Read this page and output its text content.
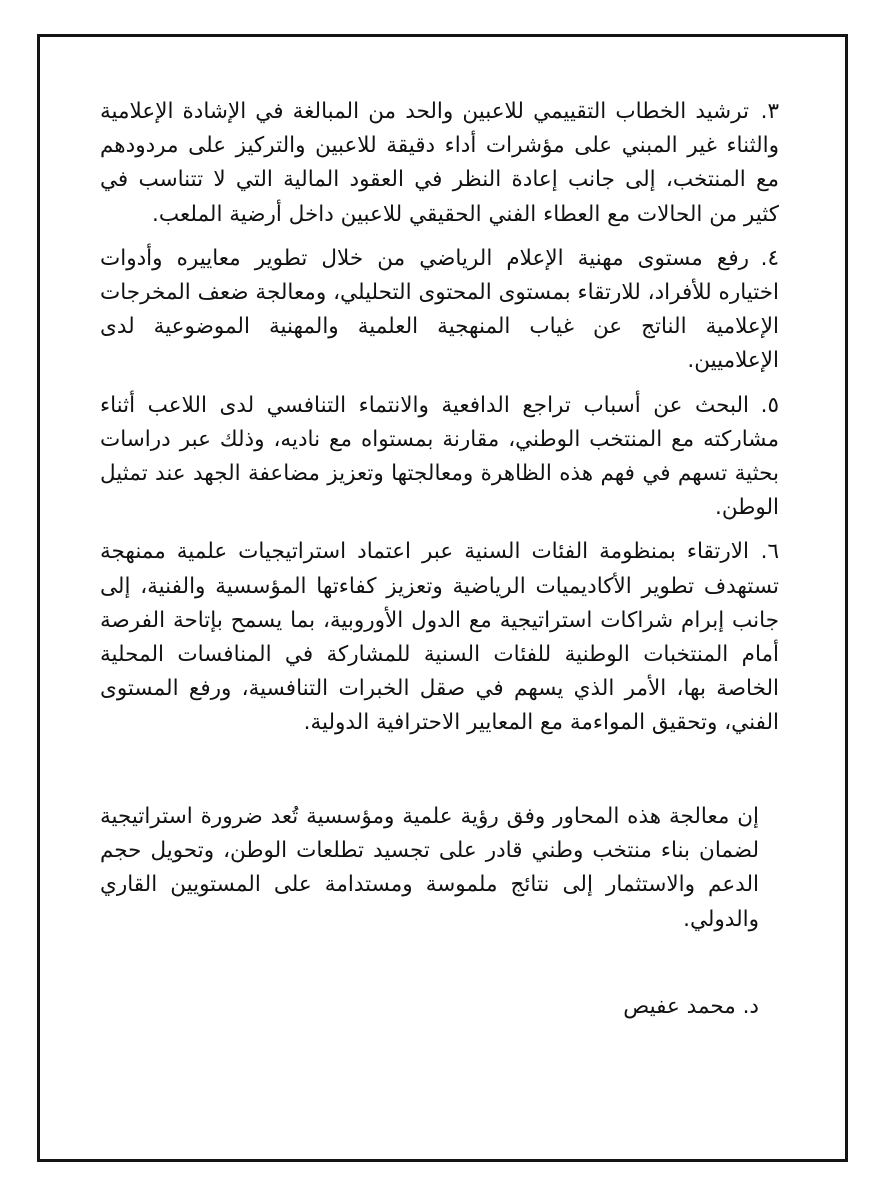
٣.ترشيد الخطاب التقييمي للاعبين والحد من المبالغة في الإشادة الإعلامية والثناء غير المبني على مؤشرات أداء دقيقة للاعبين والتركيز على مردودهم مع المنتخب، إلى جانب إعادة النظر في العقود المالية التي لا تتناسب في كثير من الحالات مع العطاء الفني الحقيقي للاعبين داخل أرضية الملعب.
٤.رفع مستوى مهنية الإعلام الرياضي من خلال تطوير معاييره وأدوات اختياره للأفراد، للارتقاء بمستوى المحتوى التحليلي، ومعالجة ضعف المخرجات الإعلامية الناتج عن غياب المنهجية العلمية والمهنية الموضوعية لدى الإعلاميين.
٥.البحث عن أسباب تراجع الدافعية والانتماء التنافسي لدى اللاعب أثناء مشاركته مع المنتخب الوطني، مقارنة بمستواه مع ناديه، وذلك عبر دراسات بحثية تسهم في فهم هذه الظاهرة ومعالجتها وتعزيز مضاعفة الجهد عند تمثيل الوطن.
٦.الارتقاء بمنظومة الفئات السنية عبر اعتماد استراتيجيات علمية ممنهجة تستهدف تطوير الأكاديميات الرياضية وتعزيز كفاءتها المؤسسية والفنية، إلى جانب إبرام شراكات استراتيجية مع الدول الأوروبية، بما يسمح بإتاحة الفرصة أمام المنتخبات الوطنية للفئات السنية للمشاركة في المنافسات المحلية الخاصة بها، الأمر الذي يسهم في صقل الخبرات التنافسية، ورفع المستوى الفني، وتحقيق المواءمة مع المعايير الاحترافية الدولية.

إن معالجة هذه المحاور وفق رؤية علمية ومؤسسية تُعد ضرورة استراتيجية لضمان بناء منتخب وطني قادر على تجسيد تطلعات الوطن، وتحويل حجم الدعم والاستثمار إلى نتائج ملموسة ومستدامة على المستويين القاري والدولي.

د. محمد عفيص
